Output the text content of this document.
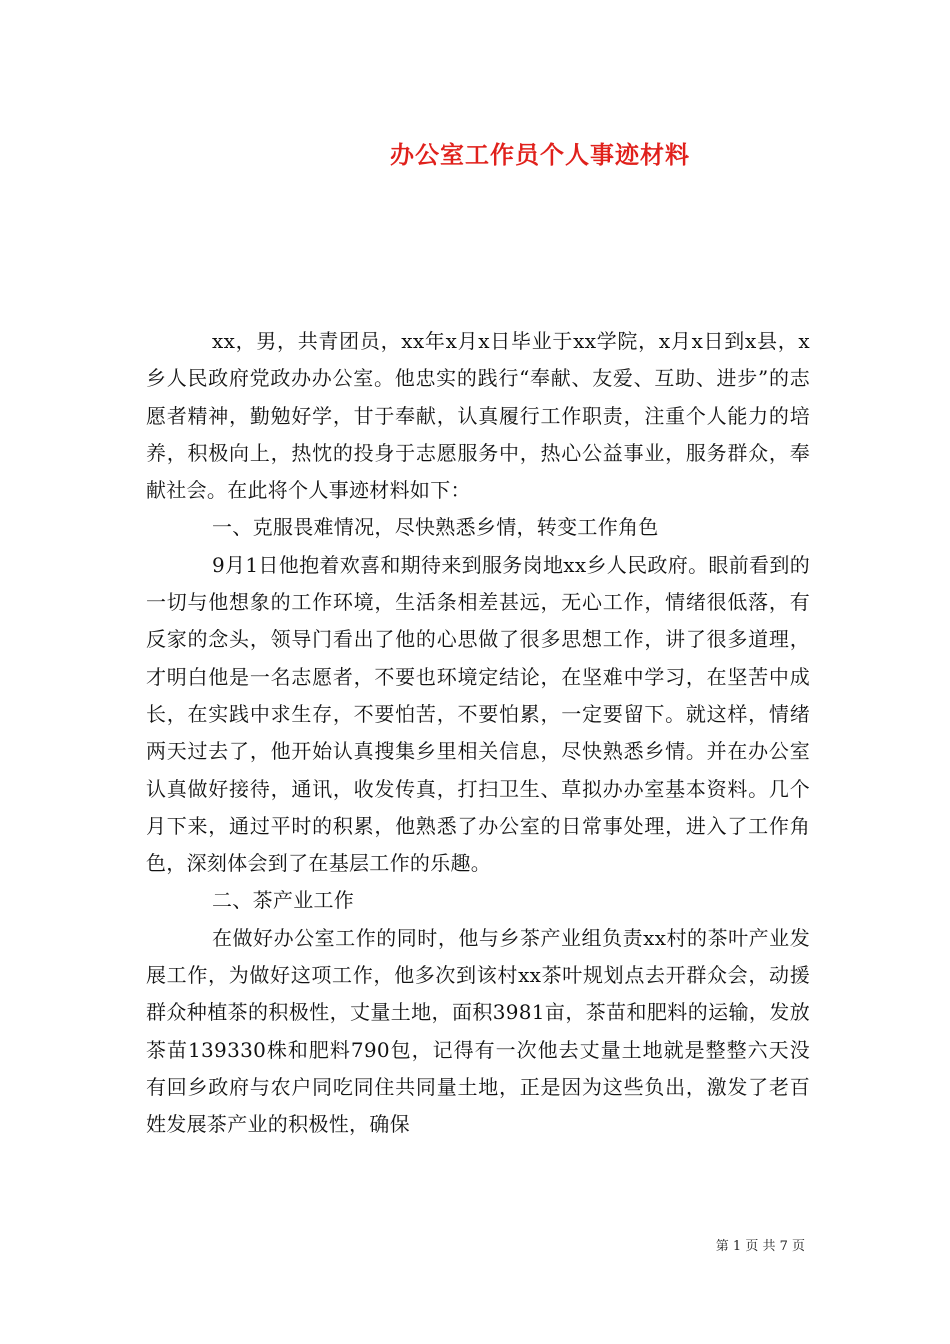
办公室工作员个人事迹材料

xx，男，共青团员，xx年x月x日毕业于xx学院，x月x日到x县，x乡人民政府党政办办公室。他忠实的践行“奉献、友爱、互助、进步”的志愿者精神，勤勉好学，甘于奉献，认真履行工作职责，注重个人能力的培养，积极向上，热忱的投身于志愿服务中，热心公益事业，服务群众，奉献社会。在此将个人事迹材料如下：

一、克服畏难情况，尽快熟悉乡情，转变工作角色

9月1日他抱着欢喜和期待来到服务岗地xx乡人民政府。眼前看到的一切与他想象的工作环境，生活条相差甚远，无心工作，情绪很低落，有反家的念头，领导门看出了他的心思做了很多思想工作，讲了很多道理，才明白他是一名志愿者，不要也环境定结论，在坚难中学习，在坚苦中成长，在实践中求生存，不要怕苦，不要怕累，一定要留下。就这样，情绪两天过去了，他开始认真搜集乡里相关信息，尽快熟悉乡情。并在办公室认真做好接待，通讯，收发传真，打扫卫生、草拟办办室基本资料。几个月下来，通过平时的积累，他熟悉了办公室的日常事处理，进入了工作角色，深刻体会到了在基层工作的乐趣。

二、茶产业工作

在做好办公室工作的同时，他与乡茶产业组负责xx村的茶叶产业发展工作，为做好这项工作，他多次到该村xx茶叶规划点去开群众会，动援群众种植茶的积极性，丈量土地，面积3981亩，茶苗和肥料的运输，发放茶苗139330株和肥料790包，记得有一次他去丈量土地就是整整六天没有回乡政府与农户同吃同住共同量土地，正是因为这些负出，激发了老百姓发展茶产业的积极性，确保

第 1 页 共 7 页
